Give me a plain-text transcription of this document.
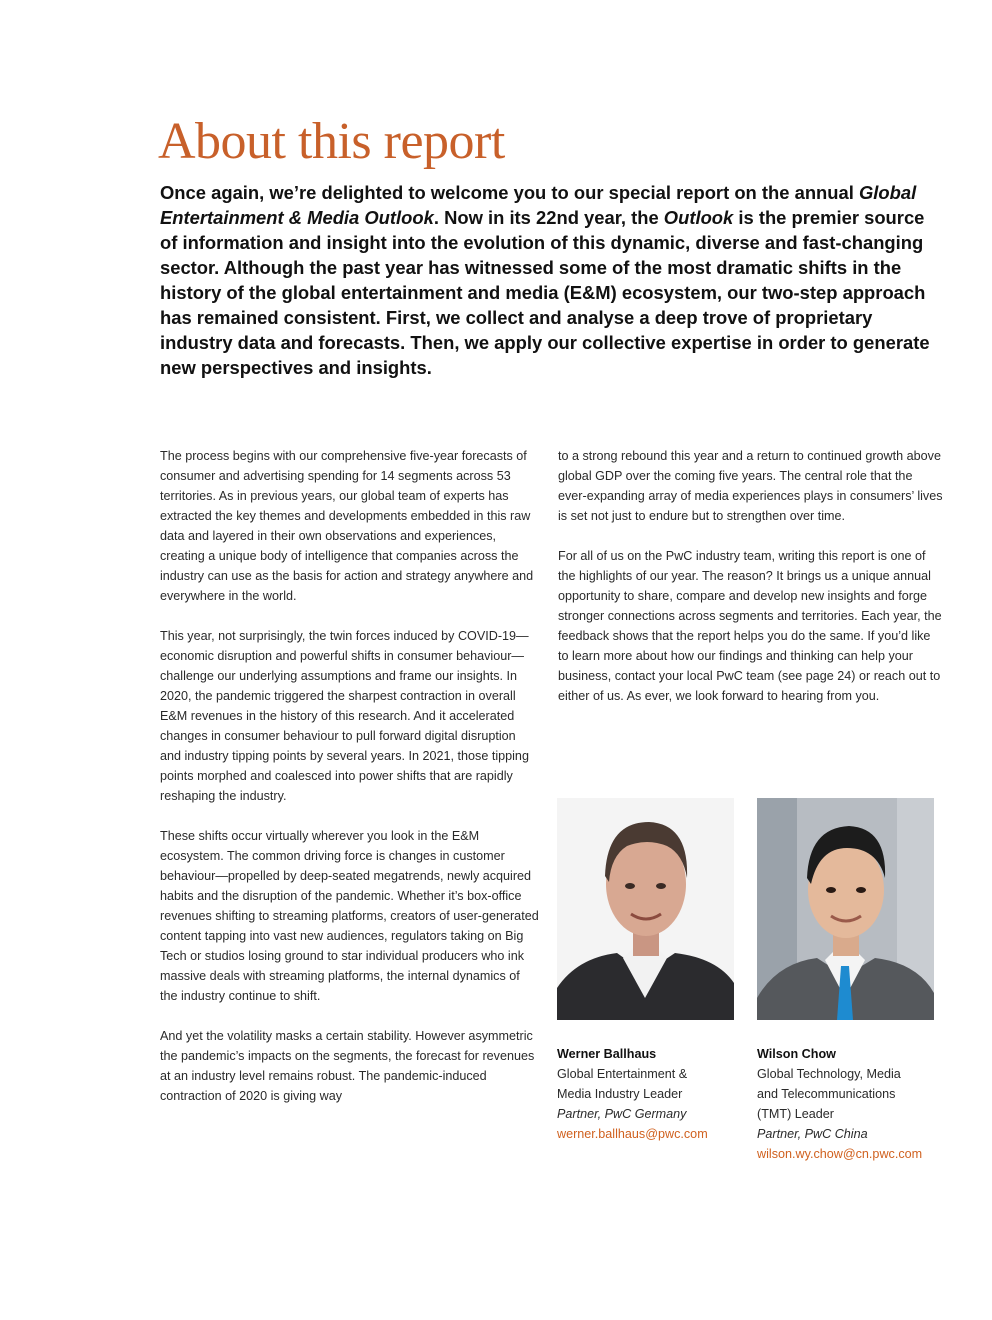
About this report

Once again, we’re delighted to welcome you to our special report on the annual Global Entertainment & Media Outlook. Now in its 22nd year, the Outlook is the premier source of information and insight into the evolution of this dynamic, diverse and fast-changing sector. Although the past year has witnessed some of the most dramatic shifts in the history of the global entertainment and media (E&M) ecosystem, our two-step approach has remained consistent. First, we collect and analyse a deep trove of proprietary industry data and forecasts. Then, we apply our collective expertise in order to generate new perspectives and insights.

The process begins with our comprehensive five-year forecasts of consumer and advertising spending for 14 segments across 53 territories. As in previous years, our global team of experts has extracted the key themes and developments embedded in this raw data and layered in their own observations and experiences, creating a unique body of intelligence that companies across the industry can use as the basis for action and strategy anywhere and everywhere in the world.

This year, not surprisingly, the twin forces induced by COVID-19—economic disruption and powerful shifts in consumer behaviour—challenge our underlying assumptions and frame our insights. In 2020, the pandemic triggered the sharpest contraction in overall E&M revenues in the history of this research. And it accelerated changes in consumer behaviour to pull forward digital disruption and industry tipping points by several years. In 2021, those tipping points morphed and coalesced into power shifts that are rapidly reshaping the industry.

These shifts occur virtually wherever you look in the E&M ecosystem. The common driving force is changes in customer behaviour—propelled by deep-seated megatrends, newly acquired habits and the disruption of the pandemic. Whether it’s box-office revenues shifting to streaming platforms, creators of user-generated content tapping into vast new audiences, regulators taking on Big Tech or studios losing ground to star individual producers who ink massive deals with streaming platforms, the internal dynamics of the industry continue to shift.

And yet the volatility masks a certain stability. However asymmetric the pandemic’s impacts on the segments, the forecast for revenues at an industry level remains robust. The pandemic-induced contraction of 2020 is giving way

to a strong rebound this year and a return to continued growth above global GDP over the coming five years. The central role that the ever-expanding array of media experiences plays in consumers’ lives is set not just to endure but to strengthen over time.

For all of us on the PwC industry team, writing this report is one of the highlights of our year. The reason? It brings us a unique annual opportunity to share, compare and develop new insights and forge stronger connections across segments and territories. Each year, the feedback shows that the report helps you do the same. If you’d like to learn more about how our findings and thinking can help your business, contact your local PwC team (see page 24) or reach out to either of us. As ever, we look forward to hearing from you.

Werner Ballhaus
Global Entertainment &
Media Industry Leader
Partner, PwC Germany
werner.ballhaus@pwc.com
Wilson Chow
Global Technology, Media
and Telecommunications
(TMT) Leader
Partner, PwC China
wilson.wy.chow@cn.pwc.com
